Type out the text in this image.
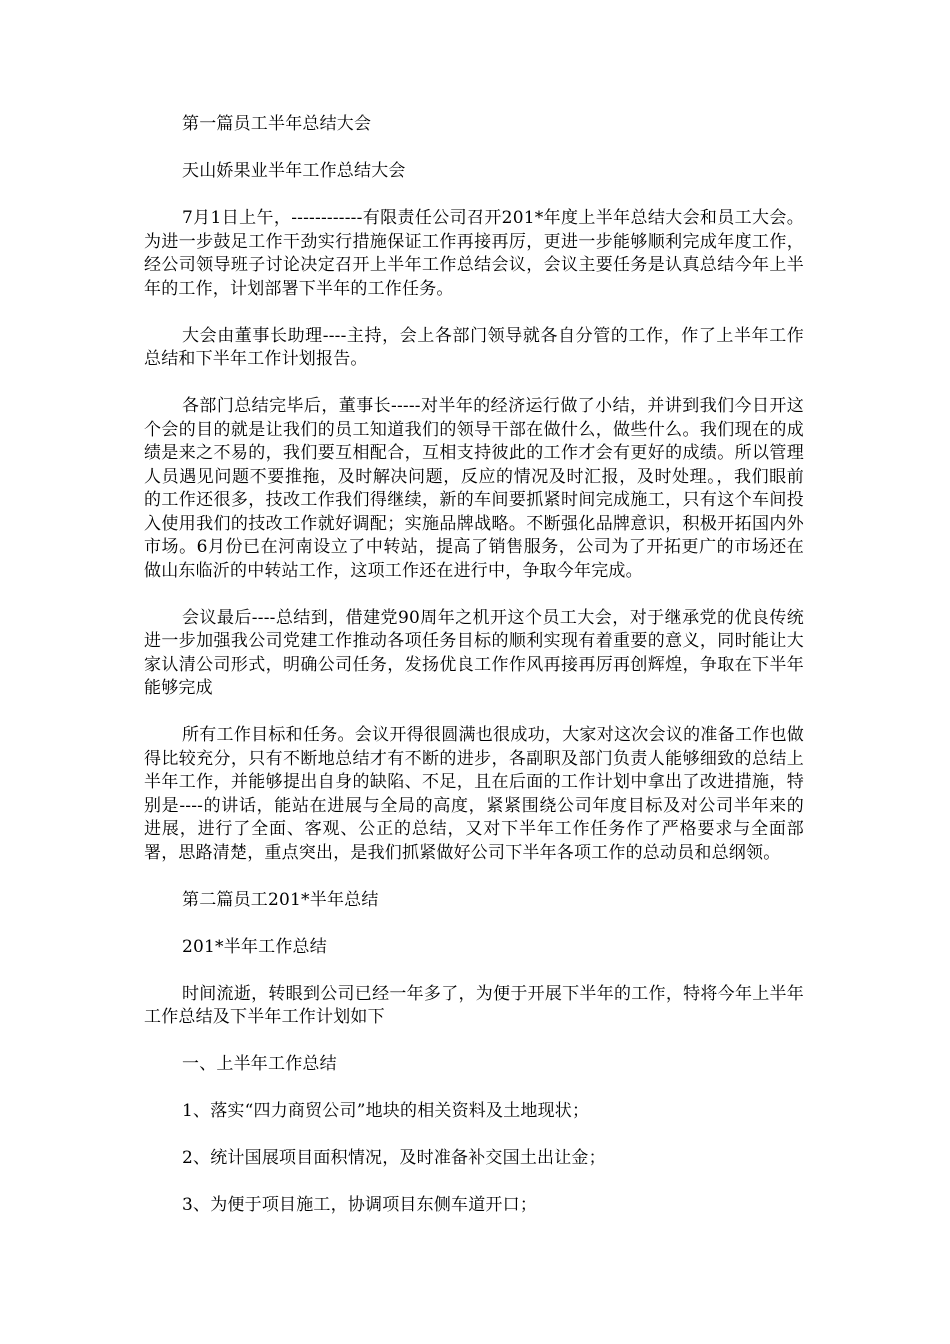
第一篇员工半年总结大会

天山娇果业半年工作总结大会

7月1日上午，------------有限责任公司召开201*年度上半年总结大会和员工大会。为进一步鼓足工作干劲实行措施保证工作再接再厉，更进一步能够顺利完成年度工作，经公司领导班子讨论决定召开上半年工作总结会议，会议主要任务是认真总结今年上半年的工作，计划部署下半年的工作任务。

大会由董事长助理----主持，会上各部门领导就各自分管的工作，作了上半年工作总结和下半年工作计划报告。

各部门总结完毕后，董事长-----对半年的经济运行做了小结，并讲到我们今日开这个会的目的就是让我们的员工知道我们的领导干部在做什么，做些什么。我们现在的成绩是来之不易的，我们要互相配合，互相支持彼此的工作才会有更好的成绩。所以管理人员遇见问题不要推拖，及时解决问题，反应的情况及时汇报，及时处理。，我们眼前的工作还很多，技改工作我们得继续，新的车间要抓紧时间完成施工，只有这个车间投入使用我们的技改工作就好调配；实施品牌战略。不断强化品牌意识，积极开拓国内外市场。6月份已在河南设立了中转站，提高了销售服务，公司为了开拓更广的市场还在做山东临沂的中转站工作，这项工作还在进行中，争取今年完成。

会议最后----总结到，借建党90周年之机开这个员工大会，对于继承党的优良传统进一步加强我公司党建工作推动各项任务目标的顺利实现有着重要的意义，同时能让大家认清公司形式，明确公司任务，发扬优良工作作风再接再厉再创辉煌，争取在下半年能够完成

所有工作目标和任务。会议开得很圆满也很成功，大家对这次会议的准备工作也做得比较充分，只有不断地总结才有不断的进步，各副职及部门负责人能够细致的总结上半年工作，并能够提出自身的缺陷、不足，且在后面的工作计划中拿出了改进措施，特别是----的讲话，能站在进展与全局的高度，紧紧围绕公司年度目标及对公司半年来的进展，进行了全面、客观、公正的总结，又对下半年工作任务作了严格要求与全面部署，思路清楚，重点突出，是我们抓紧做好公司下半年各项工作的总动员和总纲领。

第二篇员工201*半年总结

201*半年工作总结

时间流逝，转眼到公司已经一年多了，为便于开展下半年的工作，特将今年上半年工作总结及下半年工作计划如下

一、上半年工作总结

1、落实“四力商贸公司”地块的相关资料及土地现状；

2、统计国展项目面积情况，及时准备补交国土出让金；

3、为便于项目施工，协调项目东侧车道开口；
